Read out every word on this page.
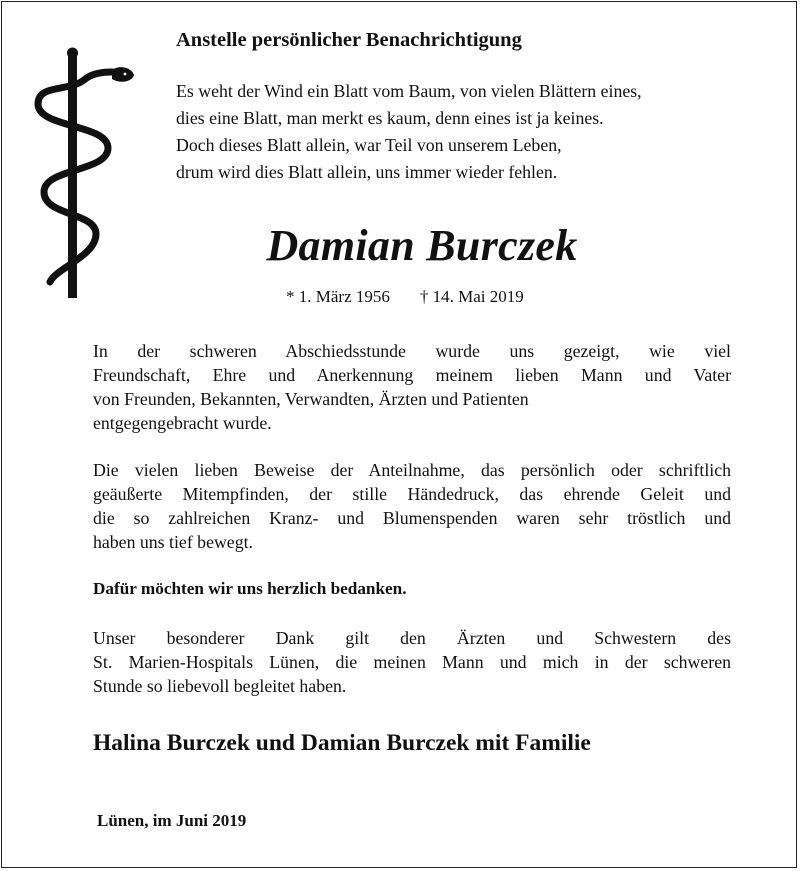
Anstelle persönlicher Benachrichtigung
Es weht der Wind ein Blatt vom Baum, von vielen Blättern eines,
dies eine Blatt, man merkt es kaum, denn eines ist ja keines.
Doch dieses Blatt allein, war Teil von unserem Leben,
drum wird dies Blatt allein, uns immer wieder fehlen.
Damian Burczek
* 1. März 1956 † 14. Mai 2019
In der schweren Abschiedsstunde wurde uns gezeigt, wie viel
Freundschaft, Ehre und Anerkennung meinem lieben Mann und Vater
von Freunden, Bekannten, Verwandten, Ärzten und Patienten
entgegengebracht wurde.
Die vielen lieben Beweise der Anteilnahme, das persönlich oder schriftlich
geäußerte Mitempfinden, der stille Händedruck, das ehrende Geleit und
die so zahlreichen Kranz- und Blumenspenden waren sehr tröstlich und
haben uns tief bewegt.
Dafür möchten wir uns herzlich bedanken.
Unser besonderer Dank gilt den Ärzten und Schwestern des
St. Marien-Hospitals Lünen, die meinen Mann und mich in der schweren
Stunde so liebevoll begleitet haben.
Halina Burczek und Damian Burczek mit Familie
Lünen, im Juni 2019
